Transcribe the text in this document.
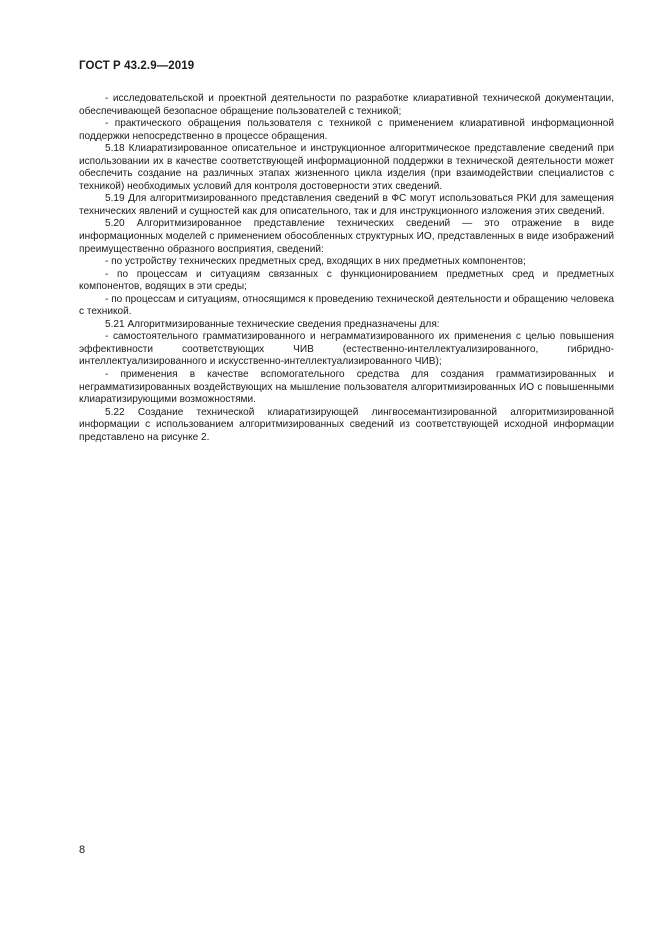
ГОСТ Р 43.2.9—2019

- исследовательской и проектной деятельности по разработке клиаративной технической документации, обеспечивающей безопасное обращение пользователей с техникой;

- практического обращения пользователя с техникой с применением клиаративной информационной поддержки непосредственно в процессе обращения.

5.18 Клиаратизированное описательное и инструкционное алгоритмическое представление сведений при использовании их в качестве соответствующей информационной поддержки в технической деятельности может обеспечить создание на различных этапах жизненного цикла изделия (при взаимодействии специалистов с техникой) необходимых условий для контроля достоверности этих сведений.

5.19 Для алгоритмизированного представления сведений в ФС могут использоваться РКИ для замещения технических явлений и сущностей как для описательного, так и для инструкционного изложения этих сведений.

5.20 Алгоритмизированное представление технических сведений — это отражение в виде информационных моделей с применением обособленных структурных ИО, представленных в виде изображений преимущественно образного восприятия, сведений:

- по устройству технических предметных сред, входящих в них предметных компонентов;

- по процессам и ситуациям связанных с функционированием предметных сред и предметных компонентов, водящих в эти среды;

- по процессам и ситуациям, относящимся к проведению технической деятельности и обращению человека с техникой.

5.21 Алгоритмизированные технические сведения предназначены для:

- самостоятельного грамматизированного и неграмматизированного их применения с целью повышения эффективности соответствующих ЧИВ (естественно-интеллектуализированного, гибридно-интеллектуализированного и искусственно-интеллектуализированного ЧИВ);

- применения в качестве вспомогательного средства для создания грамматизированных и неграмматизированных воздействующих на мышление пользователя алгоритмизированных ИО с повышенными клиаратизирующими возможностями.

5.22 Создание технической клиаратизирующей лингвосемантизированной алгоритмизированной информации с использованием алгоритмизированных сведений из соответствующей исходной информации представлено на рисунке 2.

8
